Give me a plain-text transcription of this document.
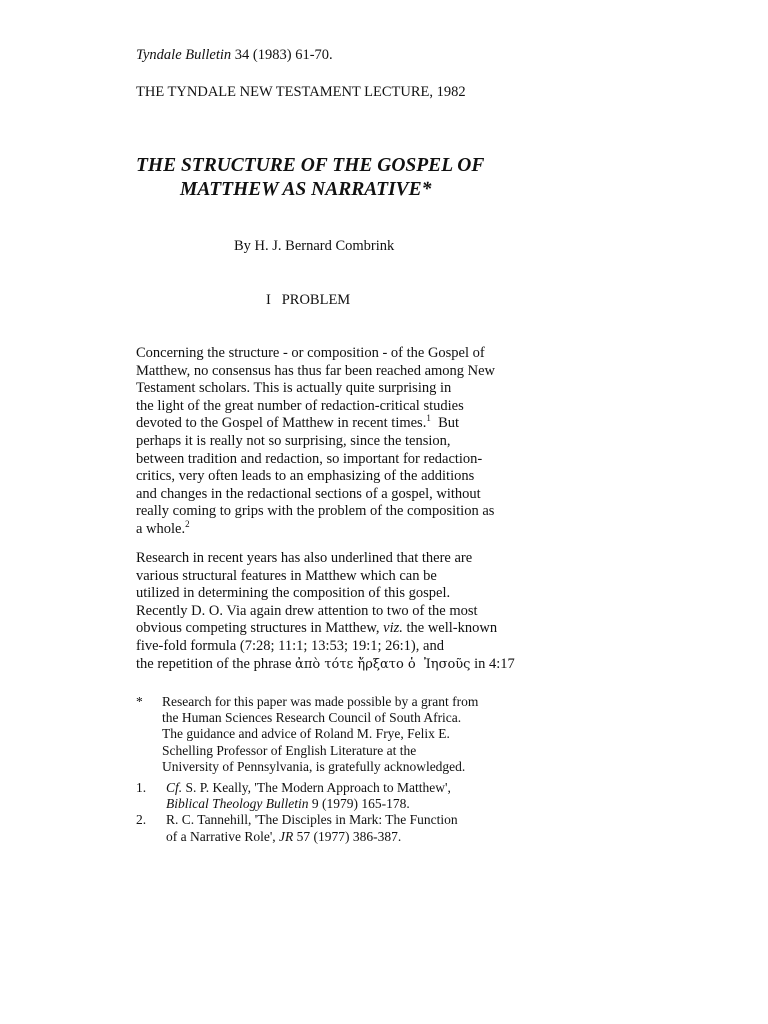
Tyndale Bulletin 34 (1983) 61-70.
THE TYNDALE NEW TESTAMENT LECTURE, 1982
THE STRUCTURE OF THE GOSPEL OF
MATTHEW AS NARRATIVE*
By H. J. Bernard Combrink
I   PROBLEM
Concerning the structure - or composition - of the Gospel of
Matthew, no consensus has thus far been reached among New
Testament scholars. This is actually quite surprising in
the light of the great number of redaction-critical studies
devoted to the Gospel of Matthew in recent times.$^1$  But
perhaps it is really not so surprising, since the tension,
between tradition and redaction, so important for redaction-
critics, very often leads to an emphasizing of the additions
and changes in the redactional sections of a gospel, without
really coming to grips with the problem of the composition as
a whole.$^2$
Research in recent years has also underlined that there are
various structural features in Matthew which can be
utilized in determining the composition of this gospel.
Recently D. O. Via again drew attention to two of the most
obvious competing structures in Matthew, viz. the well-known
five-fold formula (7:28; 11:1; 13:53; 19:1; 26:1), and
the repetition of the phrase ἀπὸ τότε ἤρξατο ὁ  Ἰησοῦς in 4:17
* Research for this paper was made possible by a grant from
the Human Sciences Research Council of South Africa.
The guidance and advice of Roland M. Frye, Felix E.
Schelling Professor of English Literature at the
University of Pennsylvania, is gratefully acknowledged.
1. Cf. S. P. Keally, 'The Modern Approach to Matthew',
Biblical Theology Bulletin 9 (1979) 165-178.
2. R. C. Tannehill, 'The Disciples in Mark: The Function
of a Narrative Role', JR 57 (1977) 386-387.
